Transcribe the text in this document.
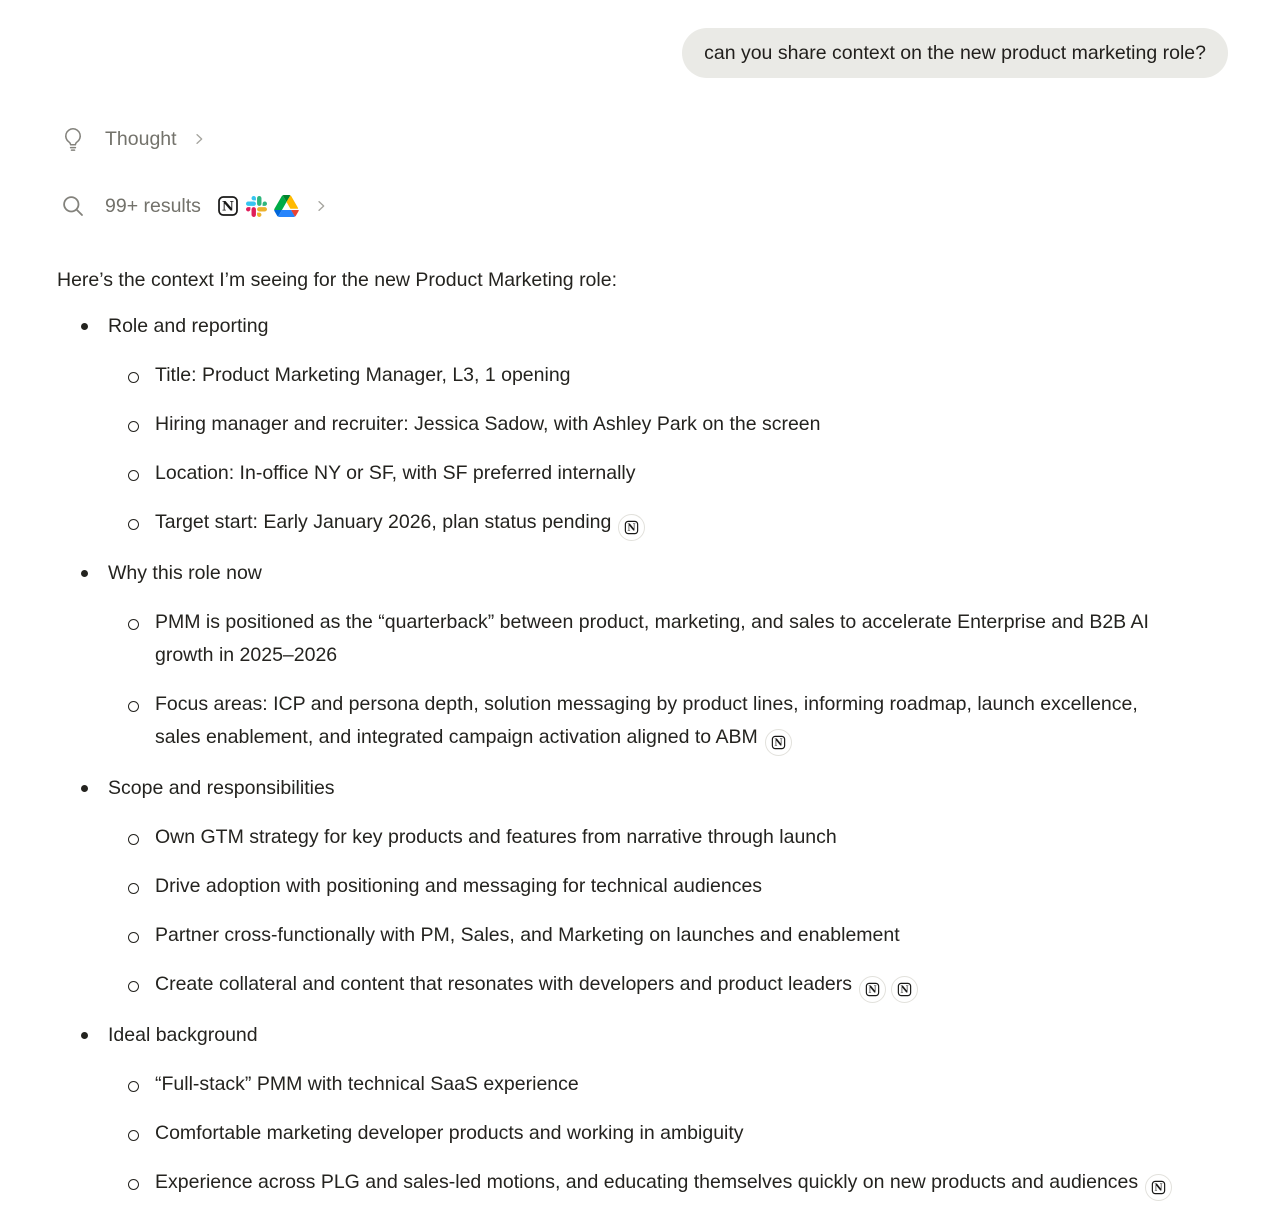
can you share context on the new product marketing role?
Thought
99+ results

Here’s the context I’m seeing for the new Product Marketing role:

Role and reporting
Title: Product Marketing Manager, L3, 1 opening
Hiring manager and recruiter: Jessica Sadow, with Ashley Park on the screen
Location: In-office NY or SF, with SF preferred internally
Target start: Early January 2026, plan status pending
Why this role now
PMM is positioned as the “quarterback” between product, marketing, and sales to accelerate Enterprise and B2B AI growth in 2025–2026
Focus areas: ICP and persona depth, solution messaging by product lines, informing roadmap, launch excellence, sales enablement, and integrated campaign activation aligned to ABM
Scope and responsibilities
Own GTM strategy for key products and features from narrative through launch
Drive adoption with positioning and messaging for technical audiences
Partner cross-functionally with PM, Sales, and Marketing on launches and enablement
Create collateral and content that resonates with developers and product leaders
Ideal background
“Full-stack” PMM with technical SaaS experience
Comfortable marketing developer products and working in ambiguity
Experience across PLG and sales-led motions, and educating themselves quickly on new products and audiences
